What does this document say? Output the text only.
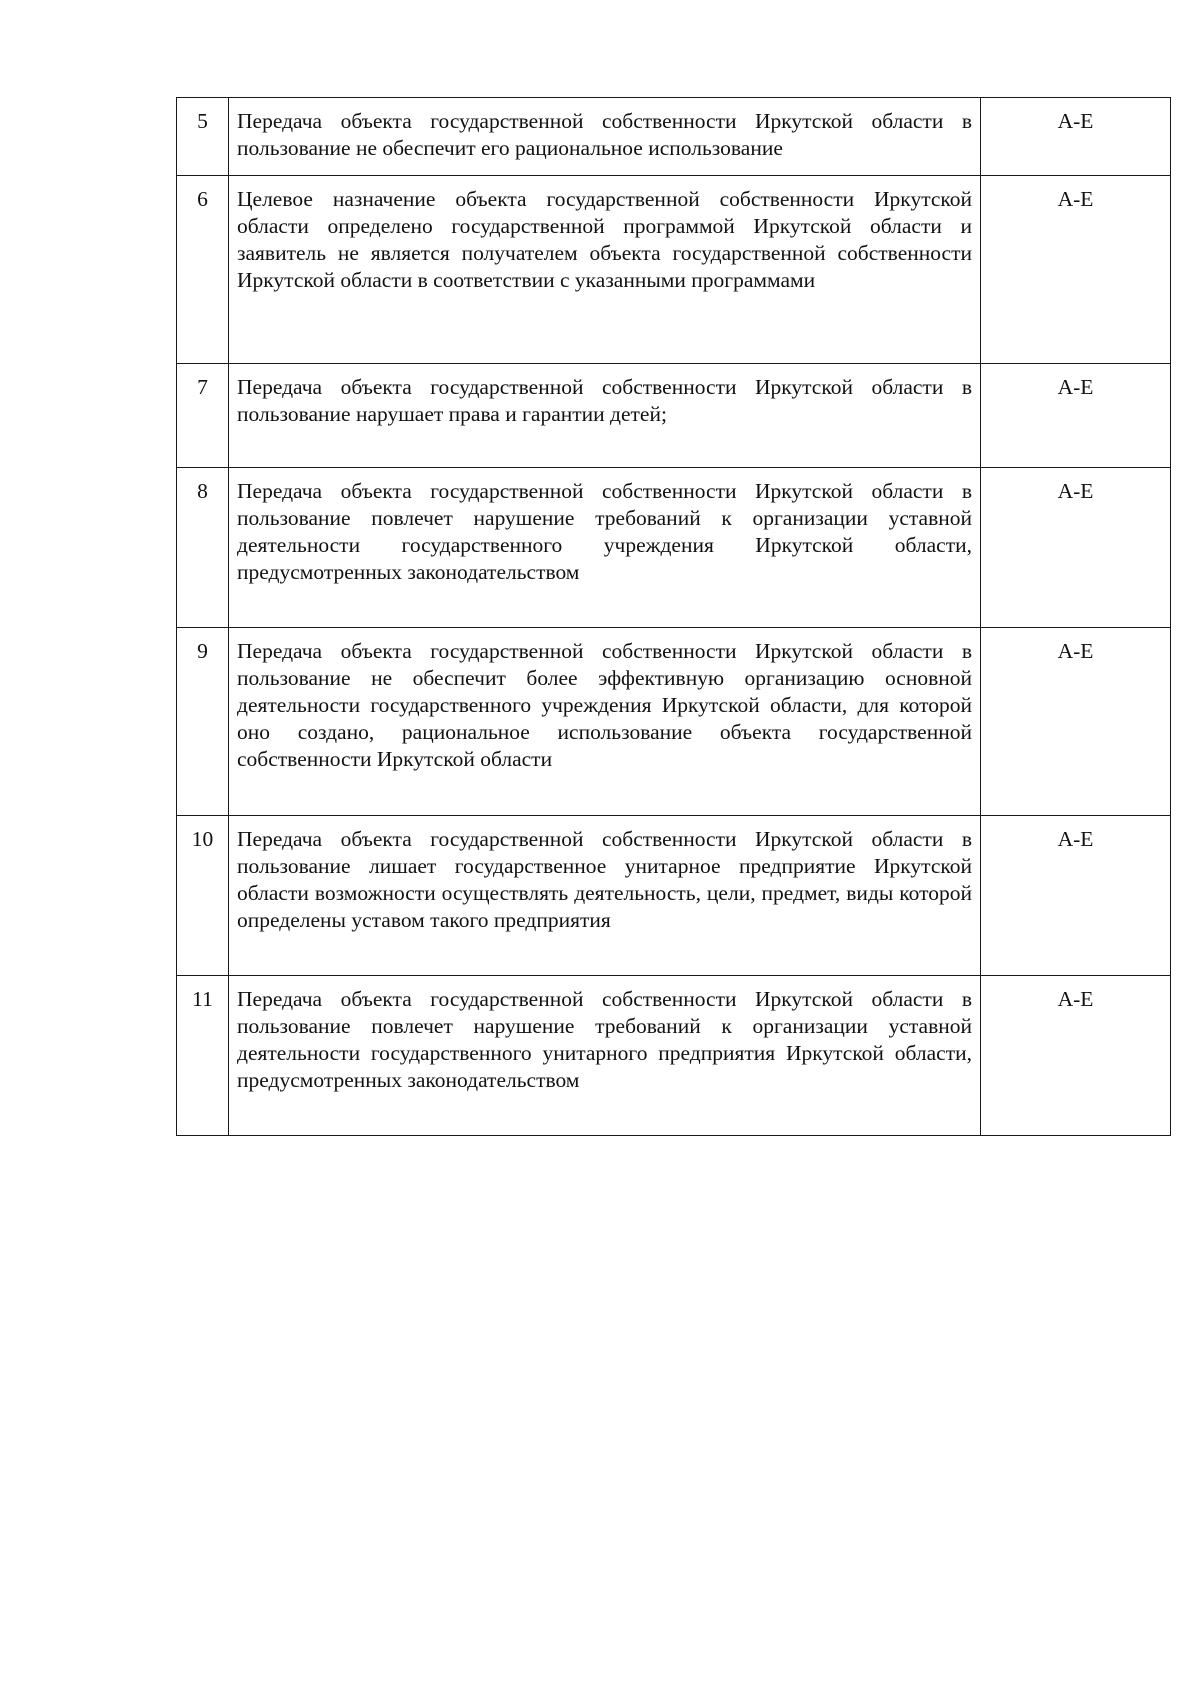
5	Передача объекта государственной собственности Иркутской области в пользование не обеспечит его рациональное использование	А-Е
6	Целевое назначение объекта государственной собственности Иркутской области определено государственной программой Иркутской области и заявитель не является получателем объекта государственной собственности Иркутской области в соответствии с указанными программами	А-Е
7	Передача объекта государственной собственности Иркутской области в пользование нарушает права и гарантии детей;	А-Е
8	Передача объекта государственной собственности Иркутской области в пользование повлечет нарушение требований к организации уставной деятельности государственного учреждения Иркутской области, предусмотренных законодательством	А-Е
9	Передача объекта государственной собственности Иркутской области в пользование не обеспечит более эффективную организацию основной деятельности государственного учреждения Иркутской области, для которой оно создано, рациональное использование объекта государственной собственности Иркутской области	А-Е
10	Передача объекта государственной собственности Иркутской области в пользование лишает государственное унитарное предприятие Иркутской области возможности осуществлять деятельность, цели, предмет, виды которой определены уставом такого предприятия	А-Е
11	Передача объекта государственной собственности Иркутской области в пользование повлечет нарушение требований к организации уставной деятельности государственного унитарного предприятия Иркутской области, предусмотренных законодательством	А-Е
